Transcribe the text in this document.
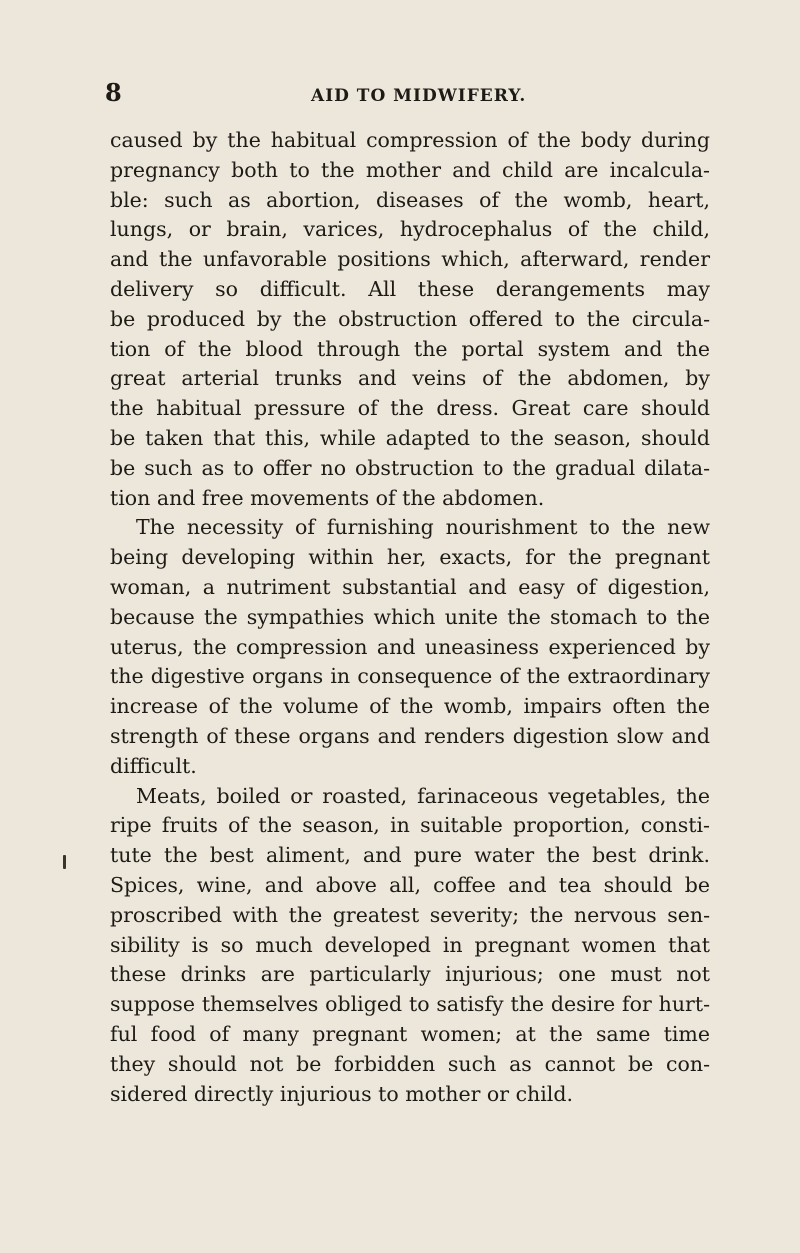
8	AID TO MIDWIFERY.
caused by the habitual compression of the body during
pregnancy both to the mother and child are incalcula-
ble: such as abortion, diseases of the womb, heart,
lungs, or brain, varices, hydrocephalus of the child,
and the unfavorable positions which, afterward, render
delivery so difficult. All these derangements may
be produced by the obstruction offered to the circula-
tion of the blood through the portal system and the
great arterial trunks and veins of the abdomen, by
the habitual pressure of the dress. Great care should
be taken that this, while adapted to the season, should
be such as to offer no obstruction to the gradual dilata-
tion and free movements of the abdomen.
The necessity of furnishing nourishment to the new
being developing within her, exacts, for the pregnant
woman, a nutriment substantial and easy of digestion,
because the sympathies which unite the stomach to the
uterus, the compression and uneasiness experienced by
the digestive organs in consequence of the extraordinary
increase of the volume of the womb, impairs often the
strength of these organs and renders digestion slow and
difficult.
Meats, boiled or roasted, farinaceous vegetables, the
ripe fruits of the season, in suitable proportion, consti-
tute the best aliment, and pure water the best drink.
Spices, wine, and above all, coffee and tea should be
proscribed with the greatest severity; the nervous sen-
sibility is so much developed in pregnant women that
these drinks are particularly injurious; one must not
suppose themselves obliged to satisfy the desire for hurt-
ful food of many pregnant women; at the same time
they should not be forbidden such as cannot be con-
sidered directly injurious to mother or child.
